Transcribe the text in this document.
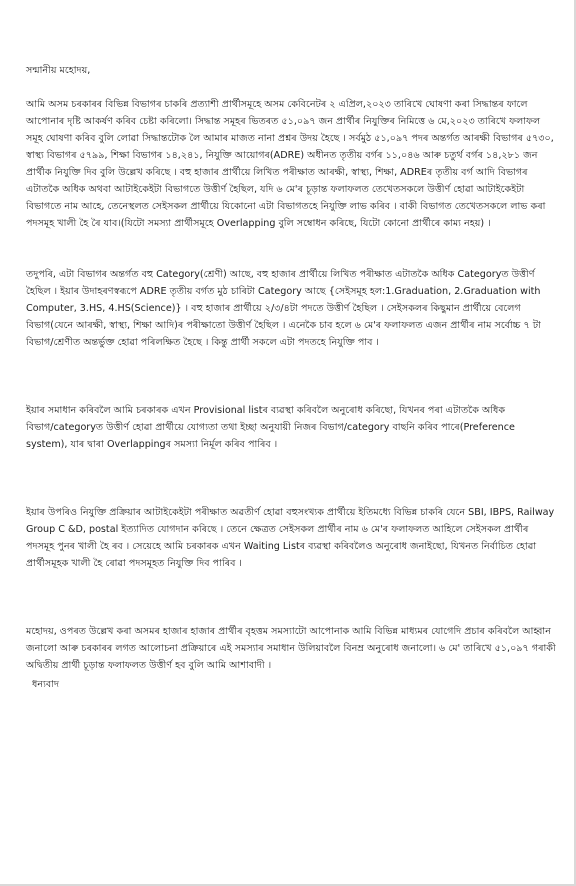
সন্মানীয় মহোদয়,

আমি অসম চৰকাৰৰ বিভিন্ন বিভাগৰ চাকৰি প্ৰত্যাশী প্ৰাৰ্থীসমূহে অসম কেবিনেটৰ ২ এপ্ৰিল,২০২৩ তাৰিখে ঘোষণা কৰা সিদ্ধান্তৰ ফালে আপোনাৰ দৃষ্টি আকৰ্ষণ কৰিব চেষ্টা কৰিলো। সিদ্ধান্ত সমূহৰ ভিতৰত ৫১,০৯৭ জন প্ৰাৰ্থীৰ নিযুক্তিৰ নিমিত্তে ৬ মে,২০২৩ তাৰিখে ফলাফল সমূহ ঘোষণা কৰিব বুলি লোৱা সিদ্ধান্তটোক লৈ আমাৰ মাজত নানা প্ৰশ্নৰ উদয় হৈছে । সৰ্বমুঠ ৫১,০৯৭ পদৰ অন্তৰ্গত আৰক্ষী বিভাগৰ ৫৭৩০, স্বাস্থ্য বিভাগৰ ৫৭৯৯, শিক্ষা বিভাগৰ ১৪,২৪১, নিযুক্তি আয়োগৰ(ADRE) অধীনত তৃতীয় বৰ্গৰ ১১,০৪৬ আৰু চতুৰ্থ বৰ্গৰ ১৪,২৮১ জন প্ৰাৰ্থীক নিযুক্তি দিব বুলি উল্লেখ কৰিছে । বহু হাজাৰ প্ৰাৰ্থীয়ে লিখিত পৰীক্ষাত আৰক্ষী, স্বাস্থ্য, শিক্ষা, ADREৰ তৃতীয় বৰ্গ আদি বিভাগৰ এটাতকৈ অধিক অথবা আটাইকেইটা বিভাগতে উত্তীৰ্ণ হৈছিল, যদি ৬ মে'ৰ চূড়ান্ত ফলাফলত তেখেতসকলে উত্তীৰ্ণ হোৱা আটাইকেইটা বিভাগতে নাম আহে, তেনেস্থলত সেইসকল প্ৰাৰ্থীয়ে যিকোনো এটা বিভাগতহে নিযুক্তি লাভ কৰিব । বাকী বিভাগত তেখেতসকলে লাভ কৰা পদসমূহ খালী হৈ ৰৈ যাব।(যিটো সমস্যা প্ৰাৰ্থীসমূহে Overlapping বুলি সম্বোধন কৰিছে, যিটো কোনো প্ৰাৰ্থীৰে কাম্য নহয়) ।

তদুপৰি, এটা বিভাগৰ অন্তৰ্গত বহু Category(শ্ৰেণী) আছে, বহু হাজাৰ প্ৰাৰ্থীয়ে লিখিত পৰীক্ষাত এটাতকৈ অধিক Categoryত উত্তীৰ্ণ হৈছিল । ইয়াৰ উদাহৰণস্বৰূপে ADRE তৃতীয় বৰ্গত মুঠ চাৰিটা Category আছে {সেইসমূহ হল:1.Graduation, 2.Graduation with Computer, 3.HS, 4.HS(Science)} । বহু হাজাৰ প্ৰাৰ্থীয়ে ২/৩/৪টা পদতে উত্তীৰ্ণ হৈছিল । সেইসকলৰ কিছুমান প্ৰাৰ্থীয়ে বেলেগ বিভাগ(যেনে আৰক্ষী, স্বাস্থ্য, শিক্ষা আদি)ৰ পৰীক্ষাতো উত্তীৰ্ণ হৈছিল । এনেকৈ চাব হলে ৬ মে'ৰ ফলাফলত এজন প্ৰাৰ্থীৰ নাম সৰ্বোচ্চ ৭ টা বিভাগ/শ্ৰেণীত অন্তৰ্ভুক্ত হোৱা পৰিলক্ষিত হৈছে । কিন্তু প্ৰাৰ্থী সকলে এটা পদতহে নিযুক্তি পাব ।

ইয়াৰ সমাধান কৰিবলৈ আমি চৰকাৰক এখন Provisional listৰ ব্যৱস্থা কৰিবলৈ অনুৰোধ কৰিছো, যিখনৰ পৰা এটাতকৈ অধিক বিভাগ/categoryত উত্তীৰ্ণ হোৱা প্ৰাৰ্থীয়ে যোগ্যতা তথা ইচ্ছা অনুযায়ী নিজৰ বিভাগ/category বাছনি কৰিব পাৰে(Preference system), যাৰ দ্বাৰা Overlappingৰ সমস্যা নিৰ্মূল কৰিব পাৰিব ।

ইয়াৰ উপৰিও নিযুক্তি প্ৰক্ৰিয়াৰ আটাইকেইটা পৰীক্ষাত অৱতীৰ্ণ হোৱা বহুসংখ্যক প্ৰাৰ্থীয়ে ইতিমধ্যে বিভিন্ন চাকৰি যেনে SBI, IBPS, Railway Group C &D, postal ইত্যাদিত যোগদান কৰিছে । তেনে ক্ষেত্ৰত সেইসকল প্ৰাৰ্থীৰ নাম ৬ মে'ৰ ফলাফলত আহিলে সেইসকল প্ৰাৰ্থীৰ পদসমূহ পুনৰ খালী হৈ ৰব । সেয়েহে আমি চৰকাৰক এখন Waiting Listৰ ব্যৱস্থা কৰিবলৈও অনুৰোধ জনাইছো, যিখনত নিৰ্বাচিত হোৱা প্ৰাৰ্থীসমূহক খালী হৈ ৰোৱা পদসমূহত নিযুক্তি দিব পাৰিব ।

মহোদয়, ওপৰত উল্লেখ কৰা অসমৰ হাজাৰ হাজাৰ প্ৰাৰ্থীৰ বৃহত্তম সমস্যাটো আপোনাক আমি বিভিন্ন মাধ্যমৰ যোগেদি প্ৰচাৰ কৰিবলৈ আহ্বান জনালো আৰু চৰকাৰৰ লগত আলোচনা প্ৰক্ৰিয়াৰে এই সমস্যাৰ সমাধান উলিয়াবলৈ বিনম্ৰ অনুৰোধ জনালো। ৬ মে' তাৰিখে ৫১,০৯৭ গৰাকী অদ্বিতীয় প্ৰাৰ্থী চূড়ান্ত ফলাফলত উত্তীৰ্ণ হব বুলি আমি আশাবাদী ।

ধন্যবাদ
